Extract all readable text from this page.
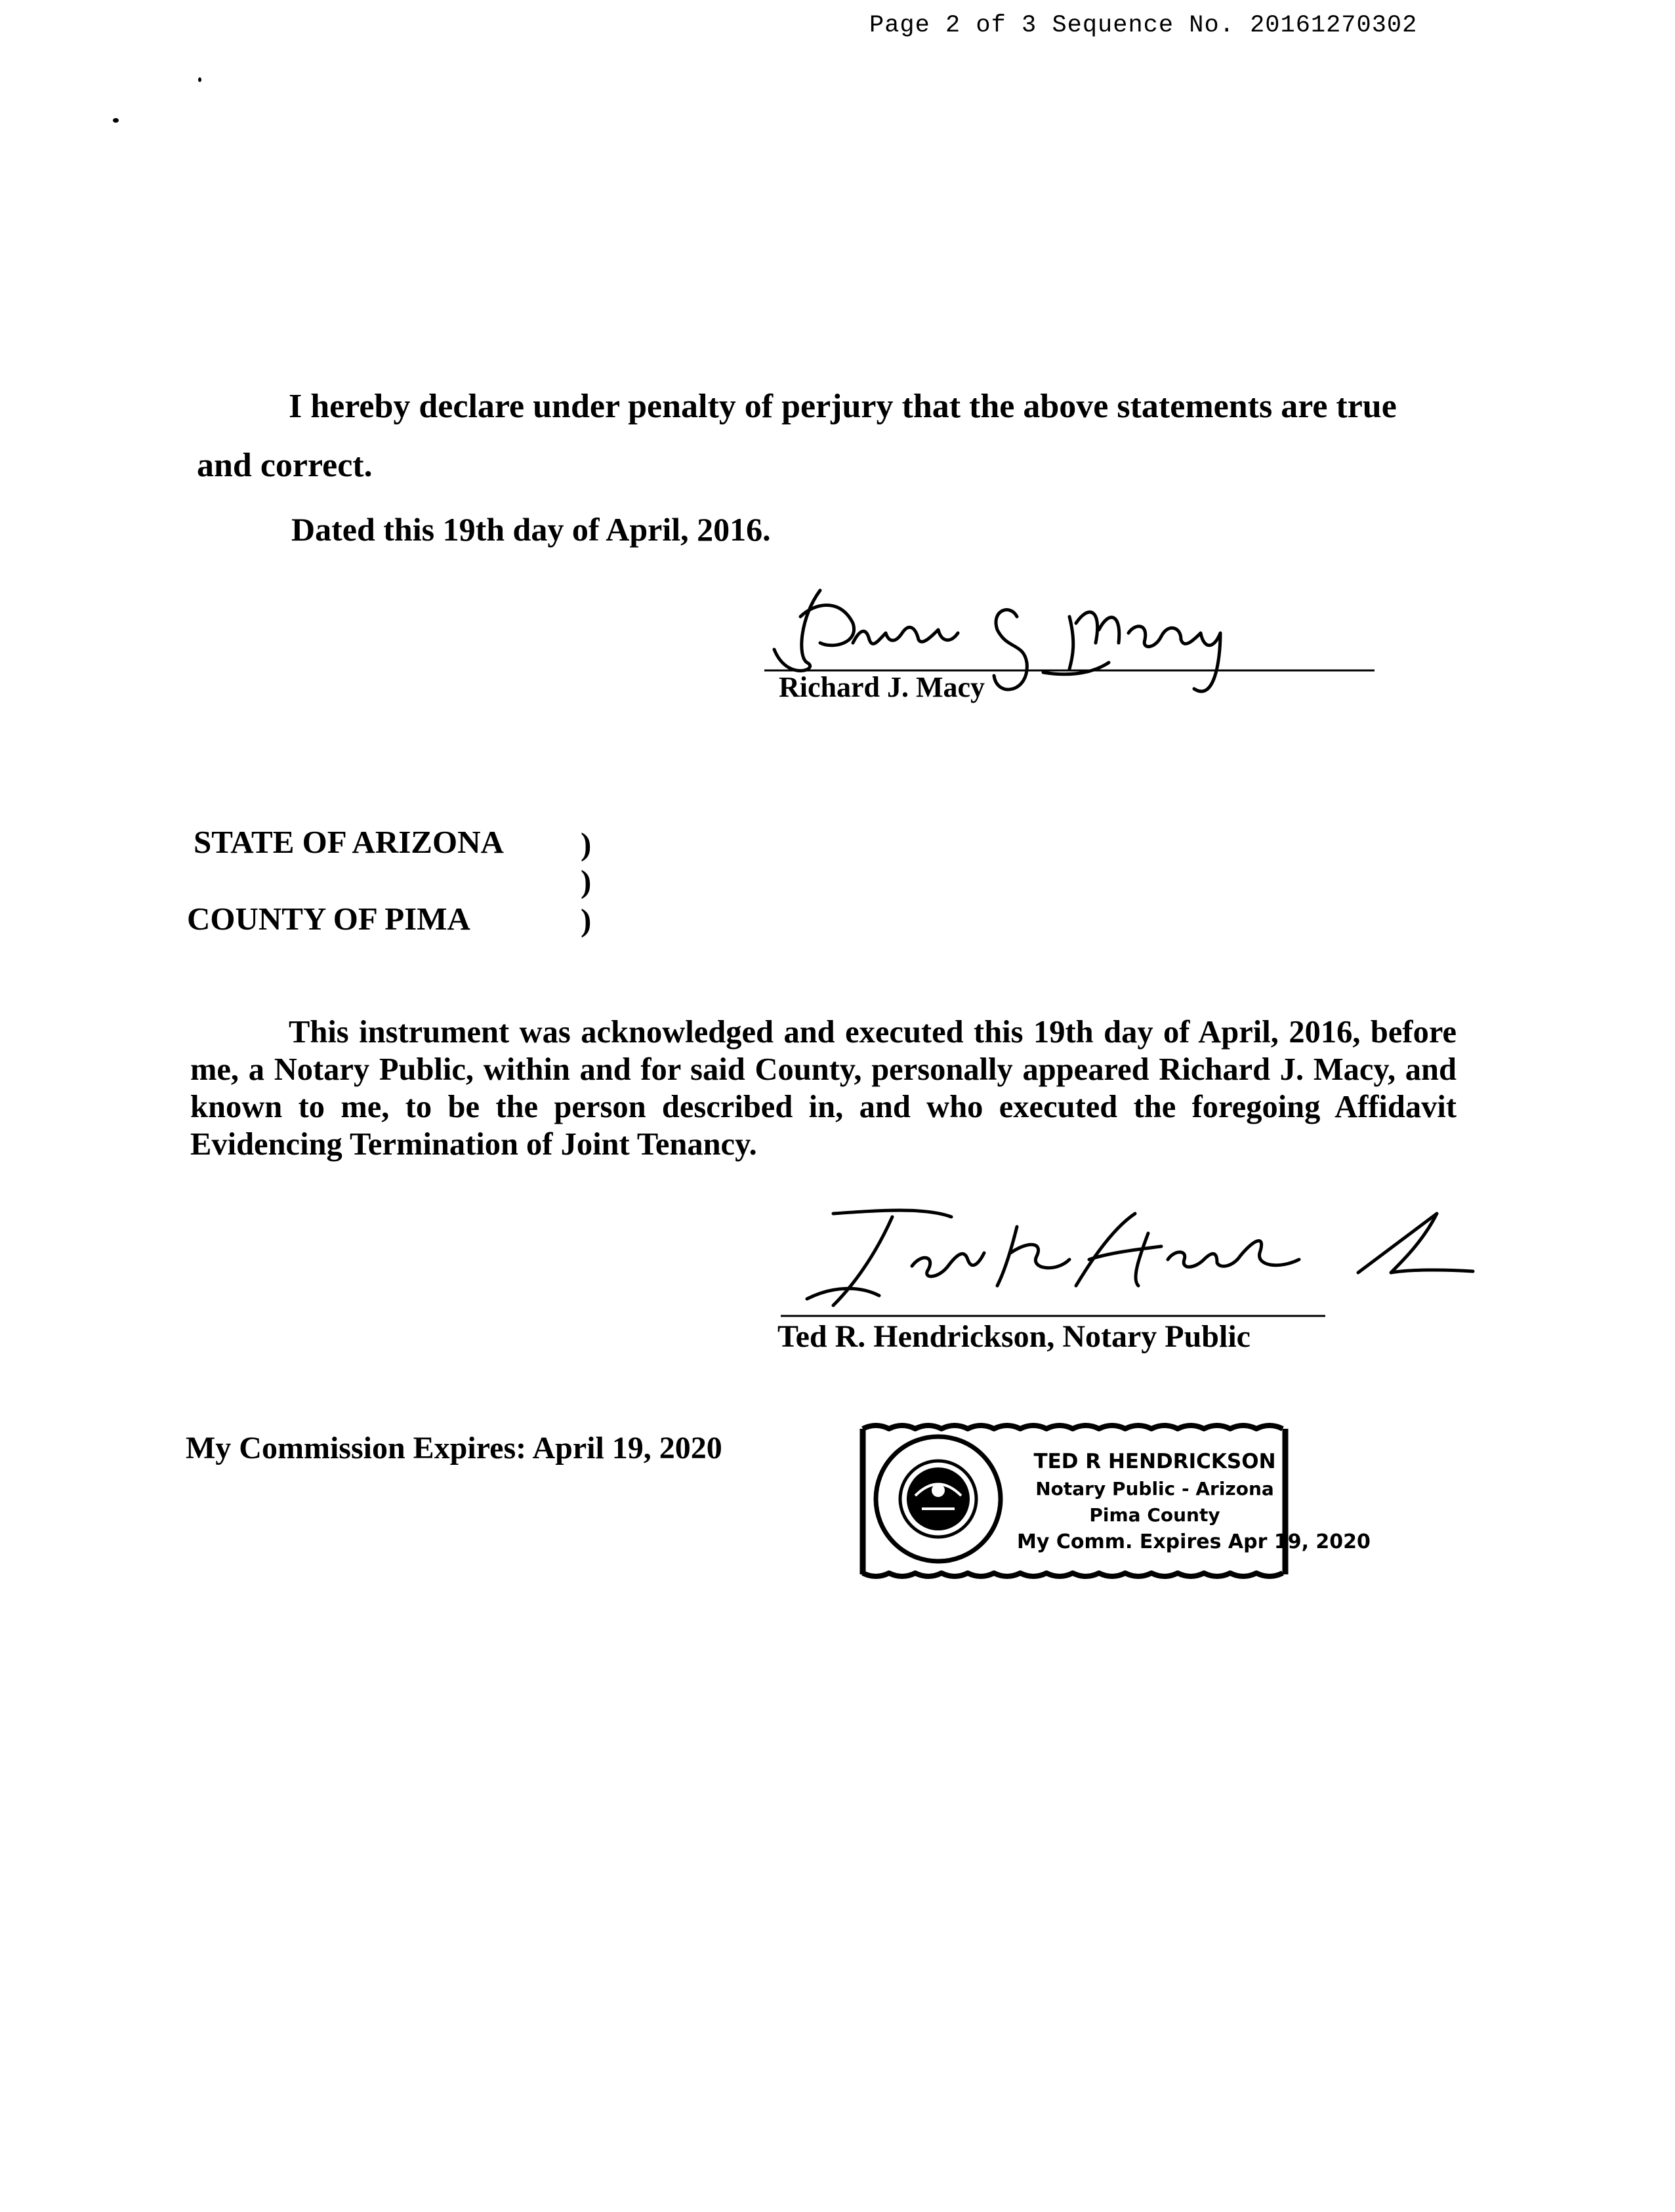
Page 2 of 3 Sequence No. 20161270302
I hereby declare under penalty of perjury that the above statements are true
and correct.
Dated this 19th day of April, 2016.
Richard J. Macy
STATE OF ARIZONA
COUNTY OF PIMA
)
)
)
This instrument was acknowledged and executed this 19th day of April, 2016, before me, a Notary Public, within and for said County, personally appeared Richard J. Macy, and known to me, to be the person described in, and who executed the foregoing Affidavit Evidencing Termination of Joint Tenancy.
Ted R. Hendrickson, Notary Public
My Commission Expires: April 19, 2020	TED R HENDRICKSON
Notary Public - Arizona
Pima County
My Comm. Expires Apr 19, 2020
